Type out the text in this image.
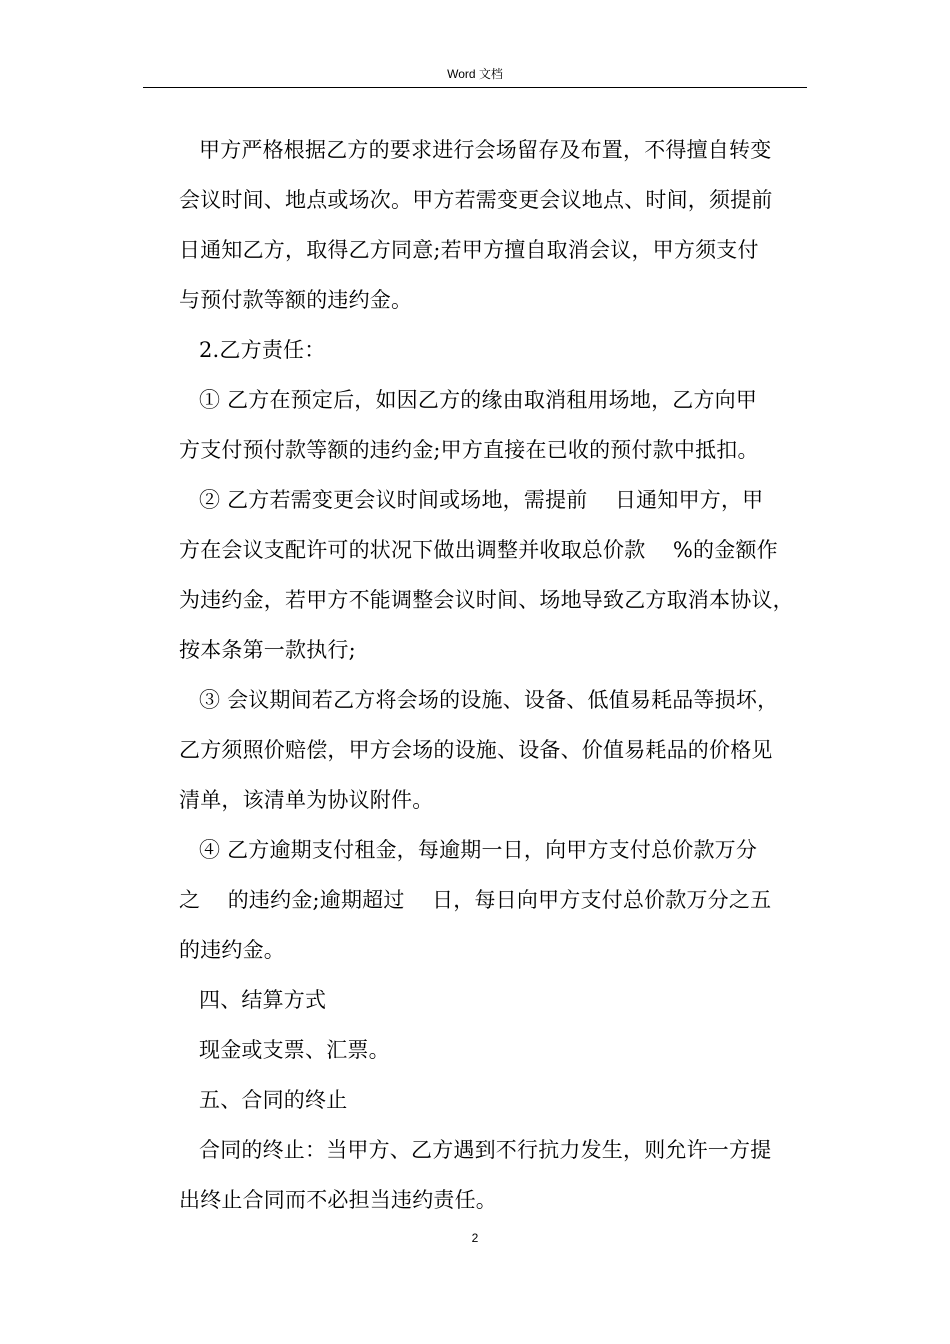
Word 文档
甲方严格根据乙方的要求进行会场留存及布置，不得擅自转变
会议时间、地点或场次。甲方若需变更会议地点、时间，须提前
日通知乙方，取得乙方同意;若甲方擅自取消会议，甲方须支付
与预付款等额的违约金。
2.乙方责任：
① 乙方在预定后，如因乙方的缘由取消租用场地，乙方向甲
方支付预付款等额的违约金;甲方直接在已收的预付款中抵扣。
② 乙方若需变更会议时间或场地，需提前    日通知甲方，甲
方在会议支配许可的状况下做出调整并收取总价款    %的金额作
为违约金，若甲方不能调整会议时间、场地导致乙方取消本协议，
按本条第一款执行;
③ 会议期间若乙方将会场的设施、设备、低值易耗品等损坏，
乙方须照价赔偿，甲方会场的设施、设备、价值易耗品的价格见
清单，该清单为协议附件。
④ 乙方逾期支付租金，每逾期一日，向甲方支付总价款万分
之    的违约金;逾期超过    日，每日向甲方支付总价款万分之五
的违约金。
四、结算方式
现金或支票、汇票。
五、合同的终止
合同的终止：当甲方、乙方遇到不行抗力发生，则允许一方提
出终止合同而不必担当违约责任。
2
